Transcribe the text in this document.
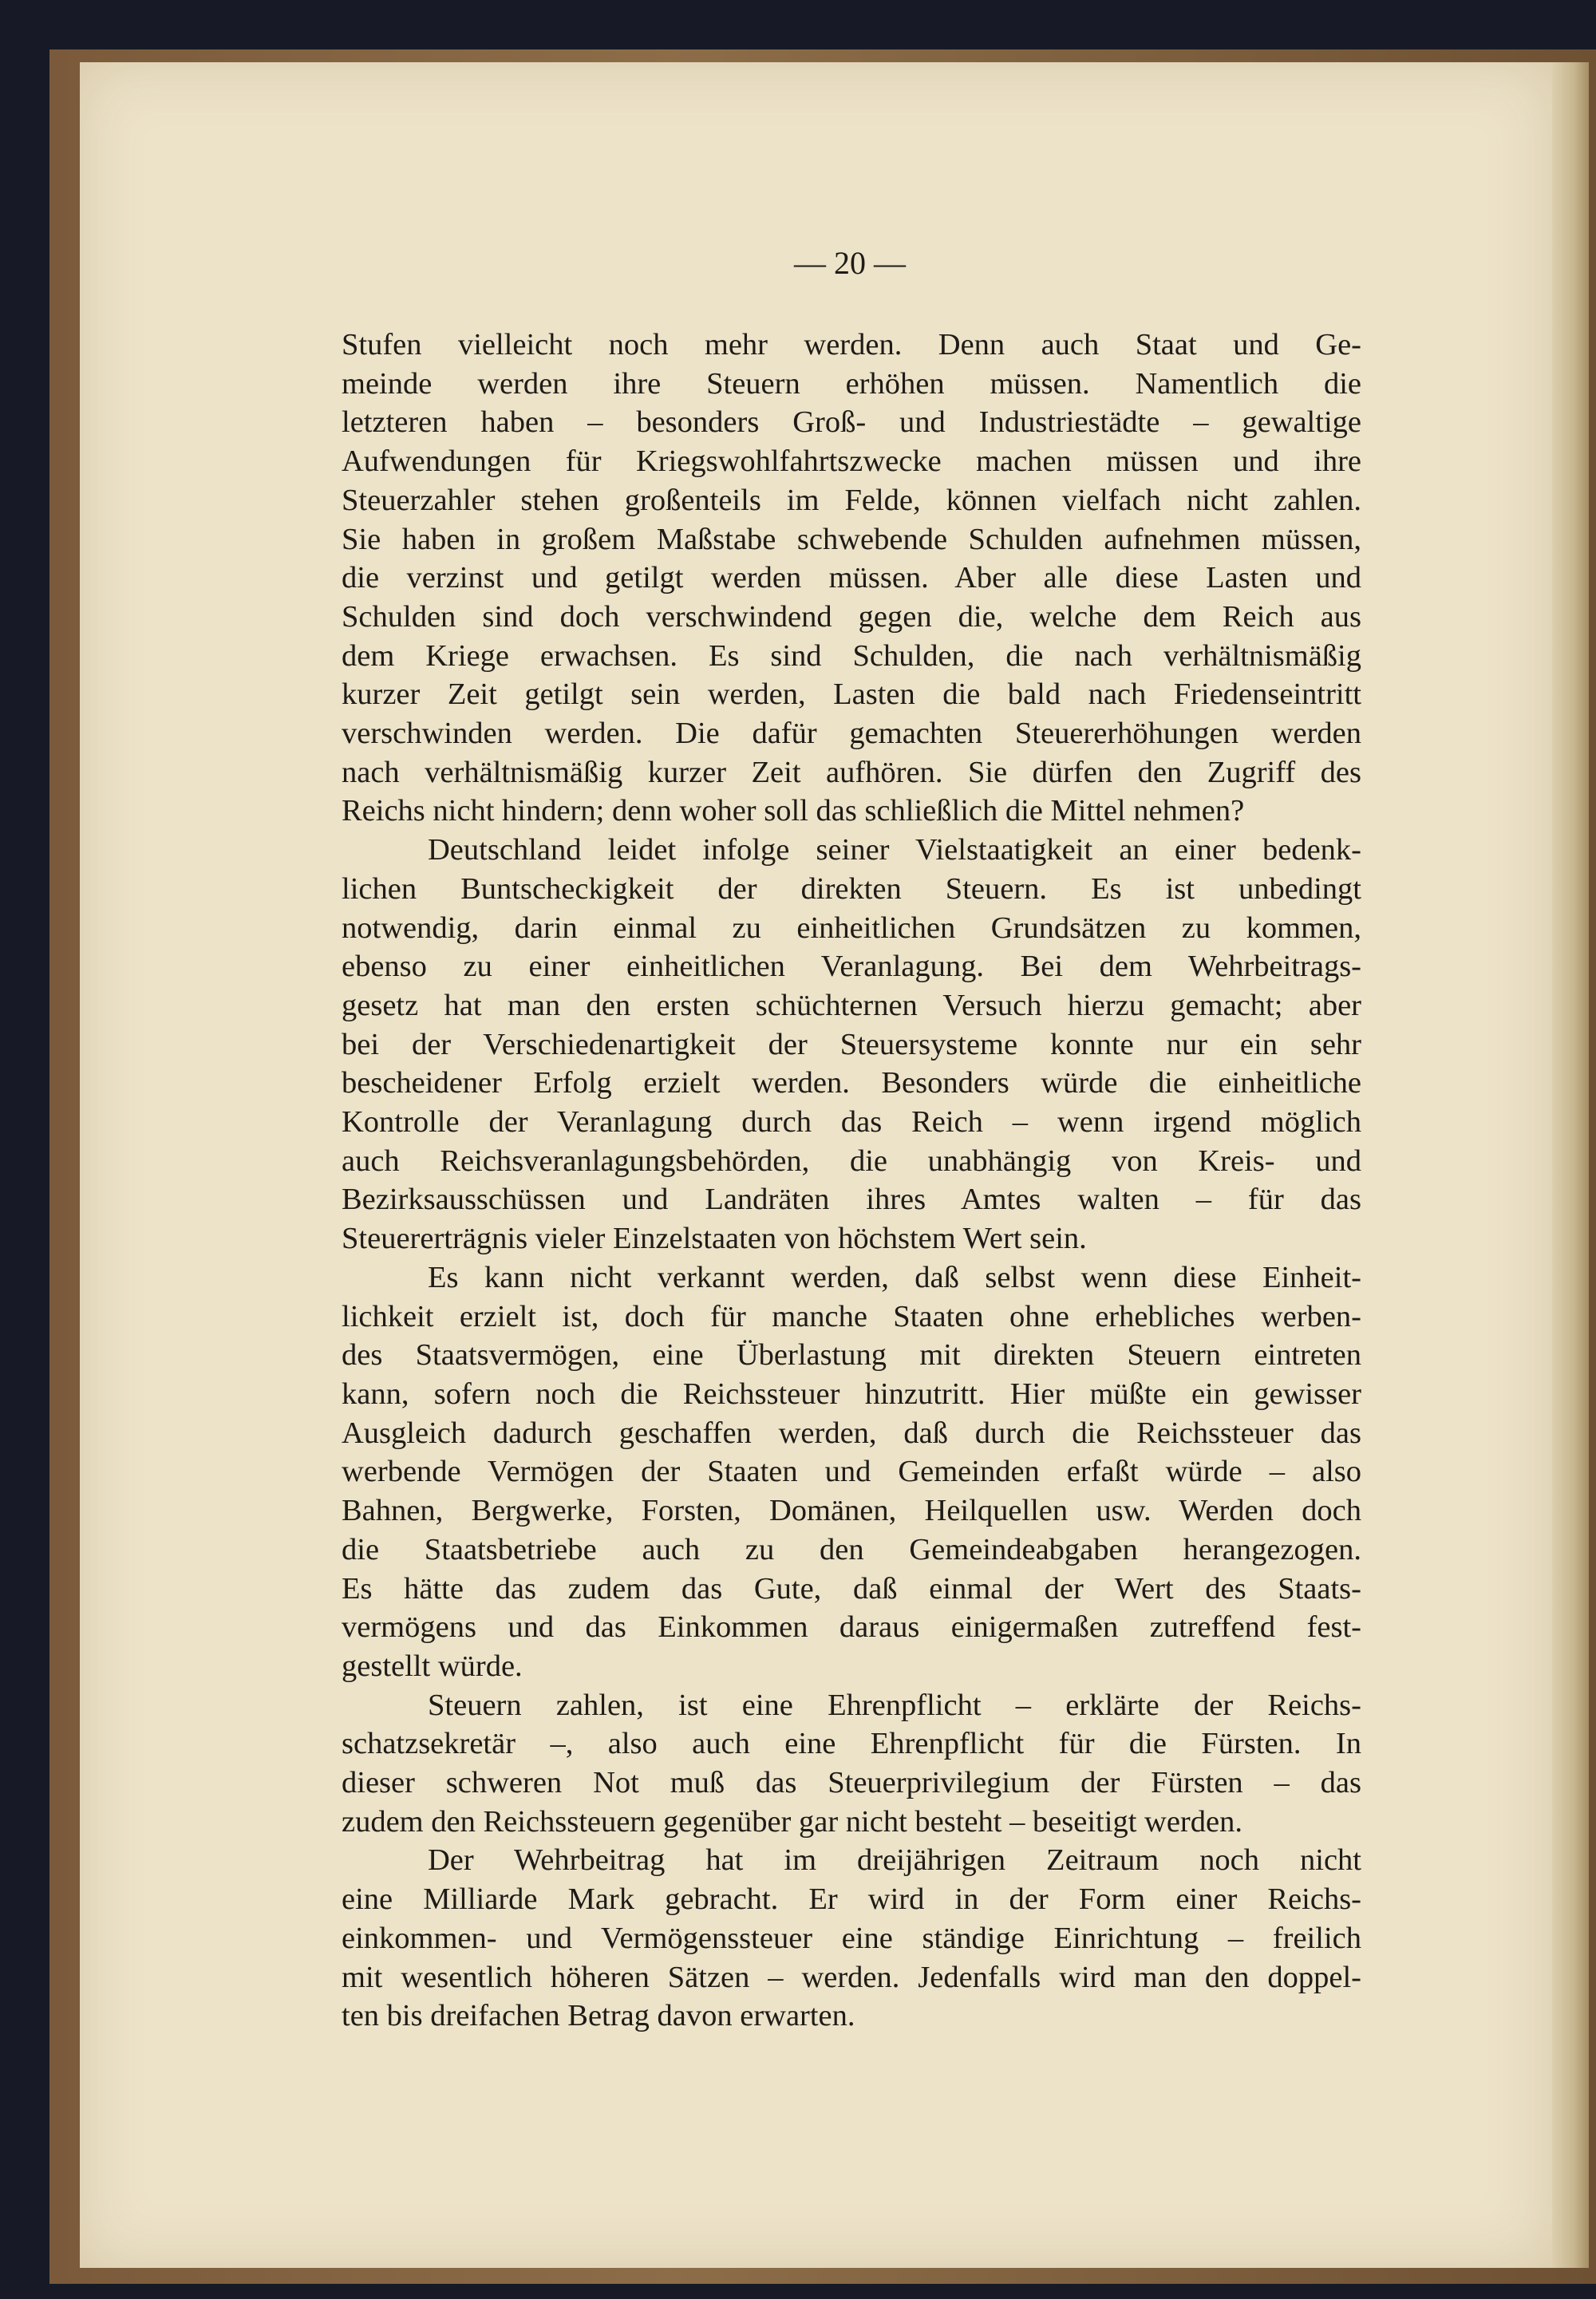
— 20 —

Stufen vielleicht noch mehr werden. Denn auch Staat und Ge-

meinde werden ihre Steuern erhöhen müssen. Namentlich die

letzteren haben – besonders Groß- und Industriestädte – gewaltige

Aufwendungen für Kriegswohlfahrtszwecke machen müssen und ihre

Steuerzahler stehen großenteils im Felde, können vielfach nicht zahlen.

Sie haben in großem Maßstabe schwebende Schulden aufnehmen müssen,

die verzinst und getilgt werden müssen. Aber alle diese Lasten und

Schulden sind doch verschwindend gegen die, welche dem Reich aus

dem Kriege erwachsen. Es sind Schulden, die nach verhältnismäßig

kurzer Zeit getilgt sein werden, Lasten die bald nach Friedenseintritt

verschwinden werden. Die dafür gemachten Steuererhöhungen werden

nach verhältnismäßig kurzer Zeit aufhören. Sie dürfen den Zugriff des

Reichs nicht hindern; denn woher soll das schließlich die Mittel nehmen?

Deutschland leidet infolge seiner Vielstaatigkeit an einer bedenk-

lichen Buntscheckigkeit der direkten Steuern. Es ist unbedingt

notwendig, darin einmal zu einheitlichen Grundsätzen zu kommen,

ebenso zu einer einheitlichen Veranlagung. Bei dem Wehrbeitrags-

gesetz hat man den ersten schüchternen Versuch hierzu gemacht; aber

bei der Verschiedenartigkeit der Steuersysteme konnte nur ein sehr

bescheidener Erfolg erzielt werden. Besonders würde die einheitliche

Kontrolle der Veranlagung durch das Reich – wenn irgend möglich

auch Reichsveranlagungsbehörden, die unabhängig von Kreis- und

Bezirksausschüssen und Landräten ihres Amtes walten – für das

Steuererträgnis vieler Einzelstaaten von höchstem Wert sein.

Es kann nicht verkannt werden, daß selbst wenn diese Einheit-

lichkeit erzielt ist, doch für manche Staaten ohne erhebliches werben-

des Staatsvermögen, eine Überlastung mit direkten Steuern eintreten

kann, sofern noch die Reichssteuer hinzutritt. Hier müßte ein gewisser

Ausgleich dadurch geschaffen werden, daß durch die Reichssteuer das

werbende Vermögen der Staaten und Gemeinden erfaßt würde – also

Bahnen, Bergwerke, Forsten, Domänen, Heilquellen usw. Werden doch

die Staatsbetriebe auch zu den Gemeindeabgaben herangezogen.

Es hätte das zudem das Gute, daß einmal der Wert des Staats-

vermögens und das Einkommen daraus einigermaßen zutreffend fest-

gestellt würde.

Steuern zahlen, ist eine Ehrenpflicht – erklärte der Reichs-

schatzsekretär –, also auch eine Ehrenpflicht für die Fürsten. In

dieser schweren Not muß das Steuerprivilegium der Fürsten – das

zudem den Reichssteuern gegenüber gar nicht besteht – beseitigt werden.

Der Wehrbeitrag hat im dreijährigen Zeitraum noch nicht

eine Milliarde Mark gebracht. Er wird in der Form einer Reichs-

einkommen- und Vermögenssteuer eine ständige Einrichtung – freilich

mit wesentlich höheren Sätzen – werden. Jedenfalls wird man den doppel-

ten bis dreifachen Betrag davon erwarten.
